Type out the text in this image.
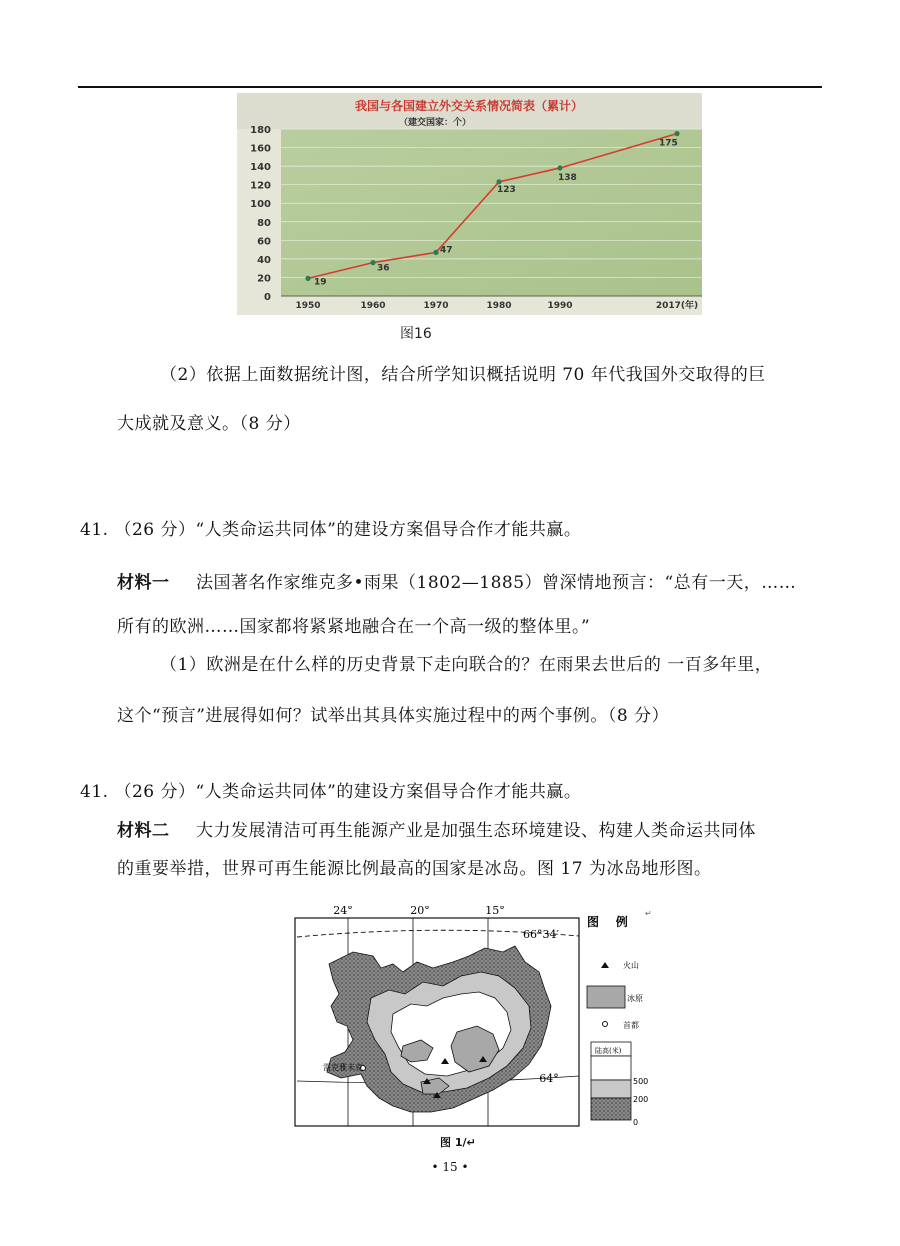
0
20
40
60
80
100
120
140
160
180
1950	1960	1970	1980	1990	2017(年)
19
36
47
123
138
175
我国与各国建立外交关系情况简表（累计）
（建交国家：个）
图16
（2）依据上面数据统计图，结合所学知识概括说明 70 年代我国外交取得的巨
大成就及意义。（8 分）
41. （26 分）“人类命运共同体”的建设方案倡导合作才能共赢。
材料一 法国著名作家维克多•雨果（1802—1885）曾深情地预言：“总有一天，……
所有的欧洲……国家都将紧紧地融合在一个高一级的整体里。”
（1）欧洲是在什么样的历史背景下走向联合的？在雨果去世后的 一百多年里，
这个“预言”进展得如何？试举出其具体实施过程中的两个事例。（8 分）
41. （26 分）“人类命运共同体”的建设方案倡导合作才能共赢。
材料二 大力发展清洁可再生能源产业是加强生态环境建设、构建人类命运共同体
的重要举措，世界可再生能源比例最高的国家是冰岛。图 17 为冰岛地形图。
24°	20°	15°
66°34′
64°
雷克雅未克
图 1/↵
图    例
↵
火山
冰原
首都
陆高(米)
500
200
0
• 15 •
